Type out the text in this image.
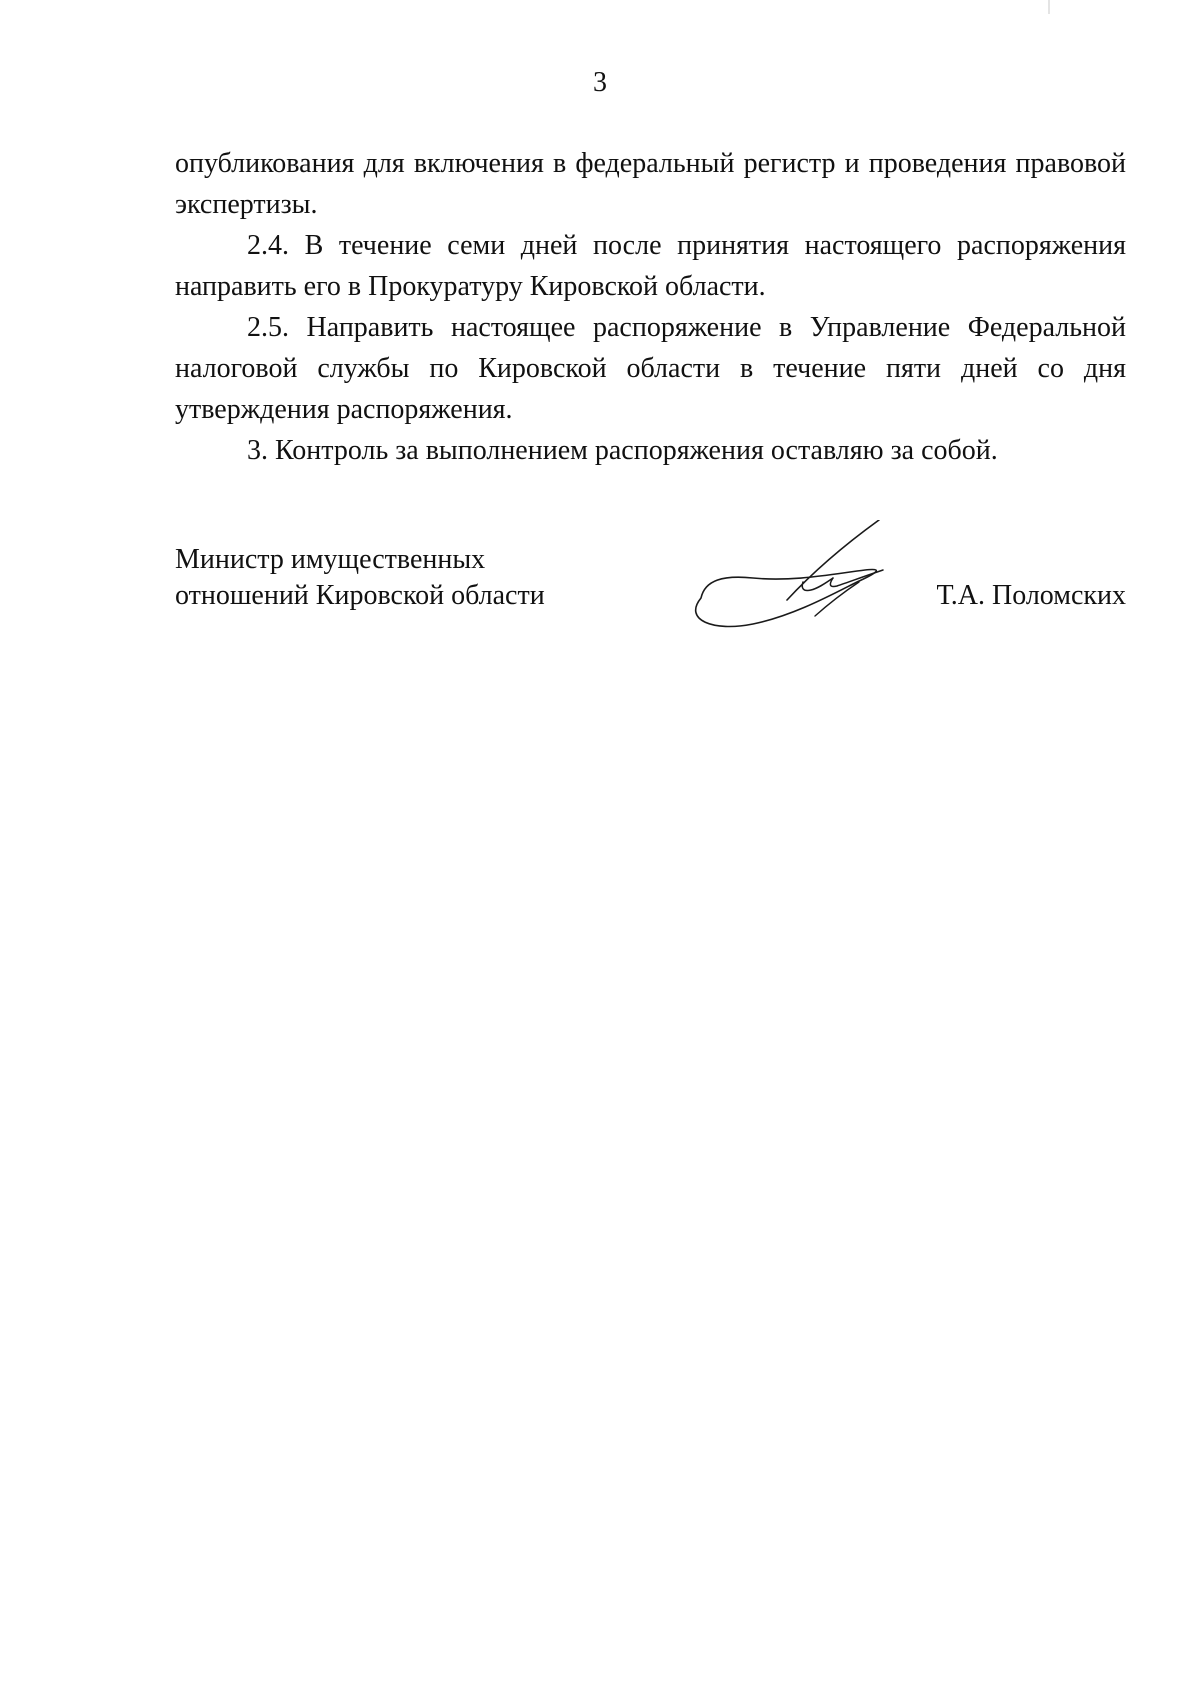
3

опубликования для включения в федеральный регистр и проведения правовой экспертизы.

2.4. В течение семи дней после принятия настоящего распоряжения направить его в Прокуратуру Кировской области.

2.5. Направить настоящее распоряжение в Управление Федеральной налоговой службы по Кировской области в течение пяти дней со дня утверждения распоряжения.

3. Контроль за выполнением распоряжения оставляю за собой.

Министр имущественных
отношений Кировской области	Т.А. Поломских
